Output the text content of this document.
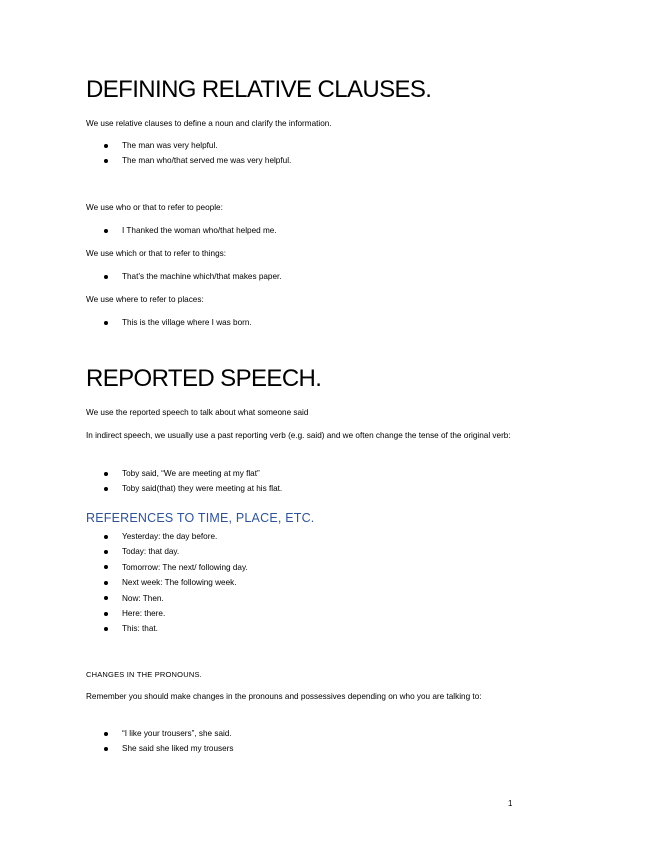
DEFINING RELATIVE CLAUSES.

We use relative clauses to define a noun and clarify the information.

The man was very helpful.
The man who/that served me was very helpful.

We use who or that to refer to people:

I Thanked the woman who/that helped me.

We use which or that to refer to things:

That’s the machine which/that makes paper.

We use where to refer to places:

This is the village where I was born.
REPORTED SPEECH.

We use the reported speech to talk about what someone said

In indirect speech, we usually use a past reporting verb (e.g. said) and we often change the tense of the original verb:

Toby said, “We are meeting at my flat”
Toby said(that) they were meeting at his flat.
REFERENCES TO TIME, PLACE, ETC.
Yesterday: the day before.
Today: that day.
Tomorrow: The next/ following day.
Next week: The following week.
Now: Then.
Here: there.
This: that.

CHANGES IN THE PRONOUNS.

Remember you should make changes in the pronouns and possessives depending on who you are talking to:

“I like your trousers”, she said.
She said she liked my trousers
1
